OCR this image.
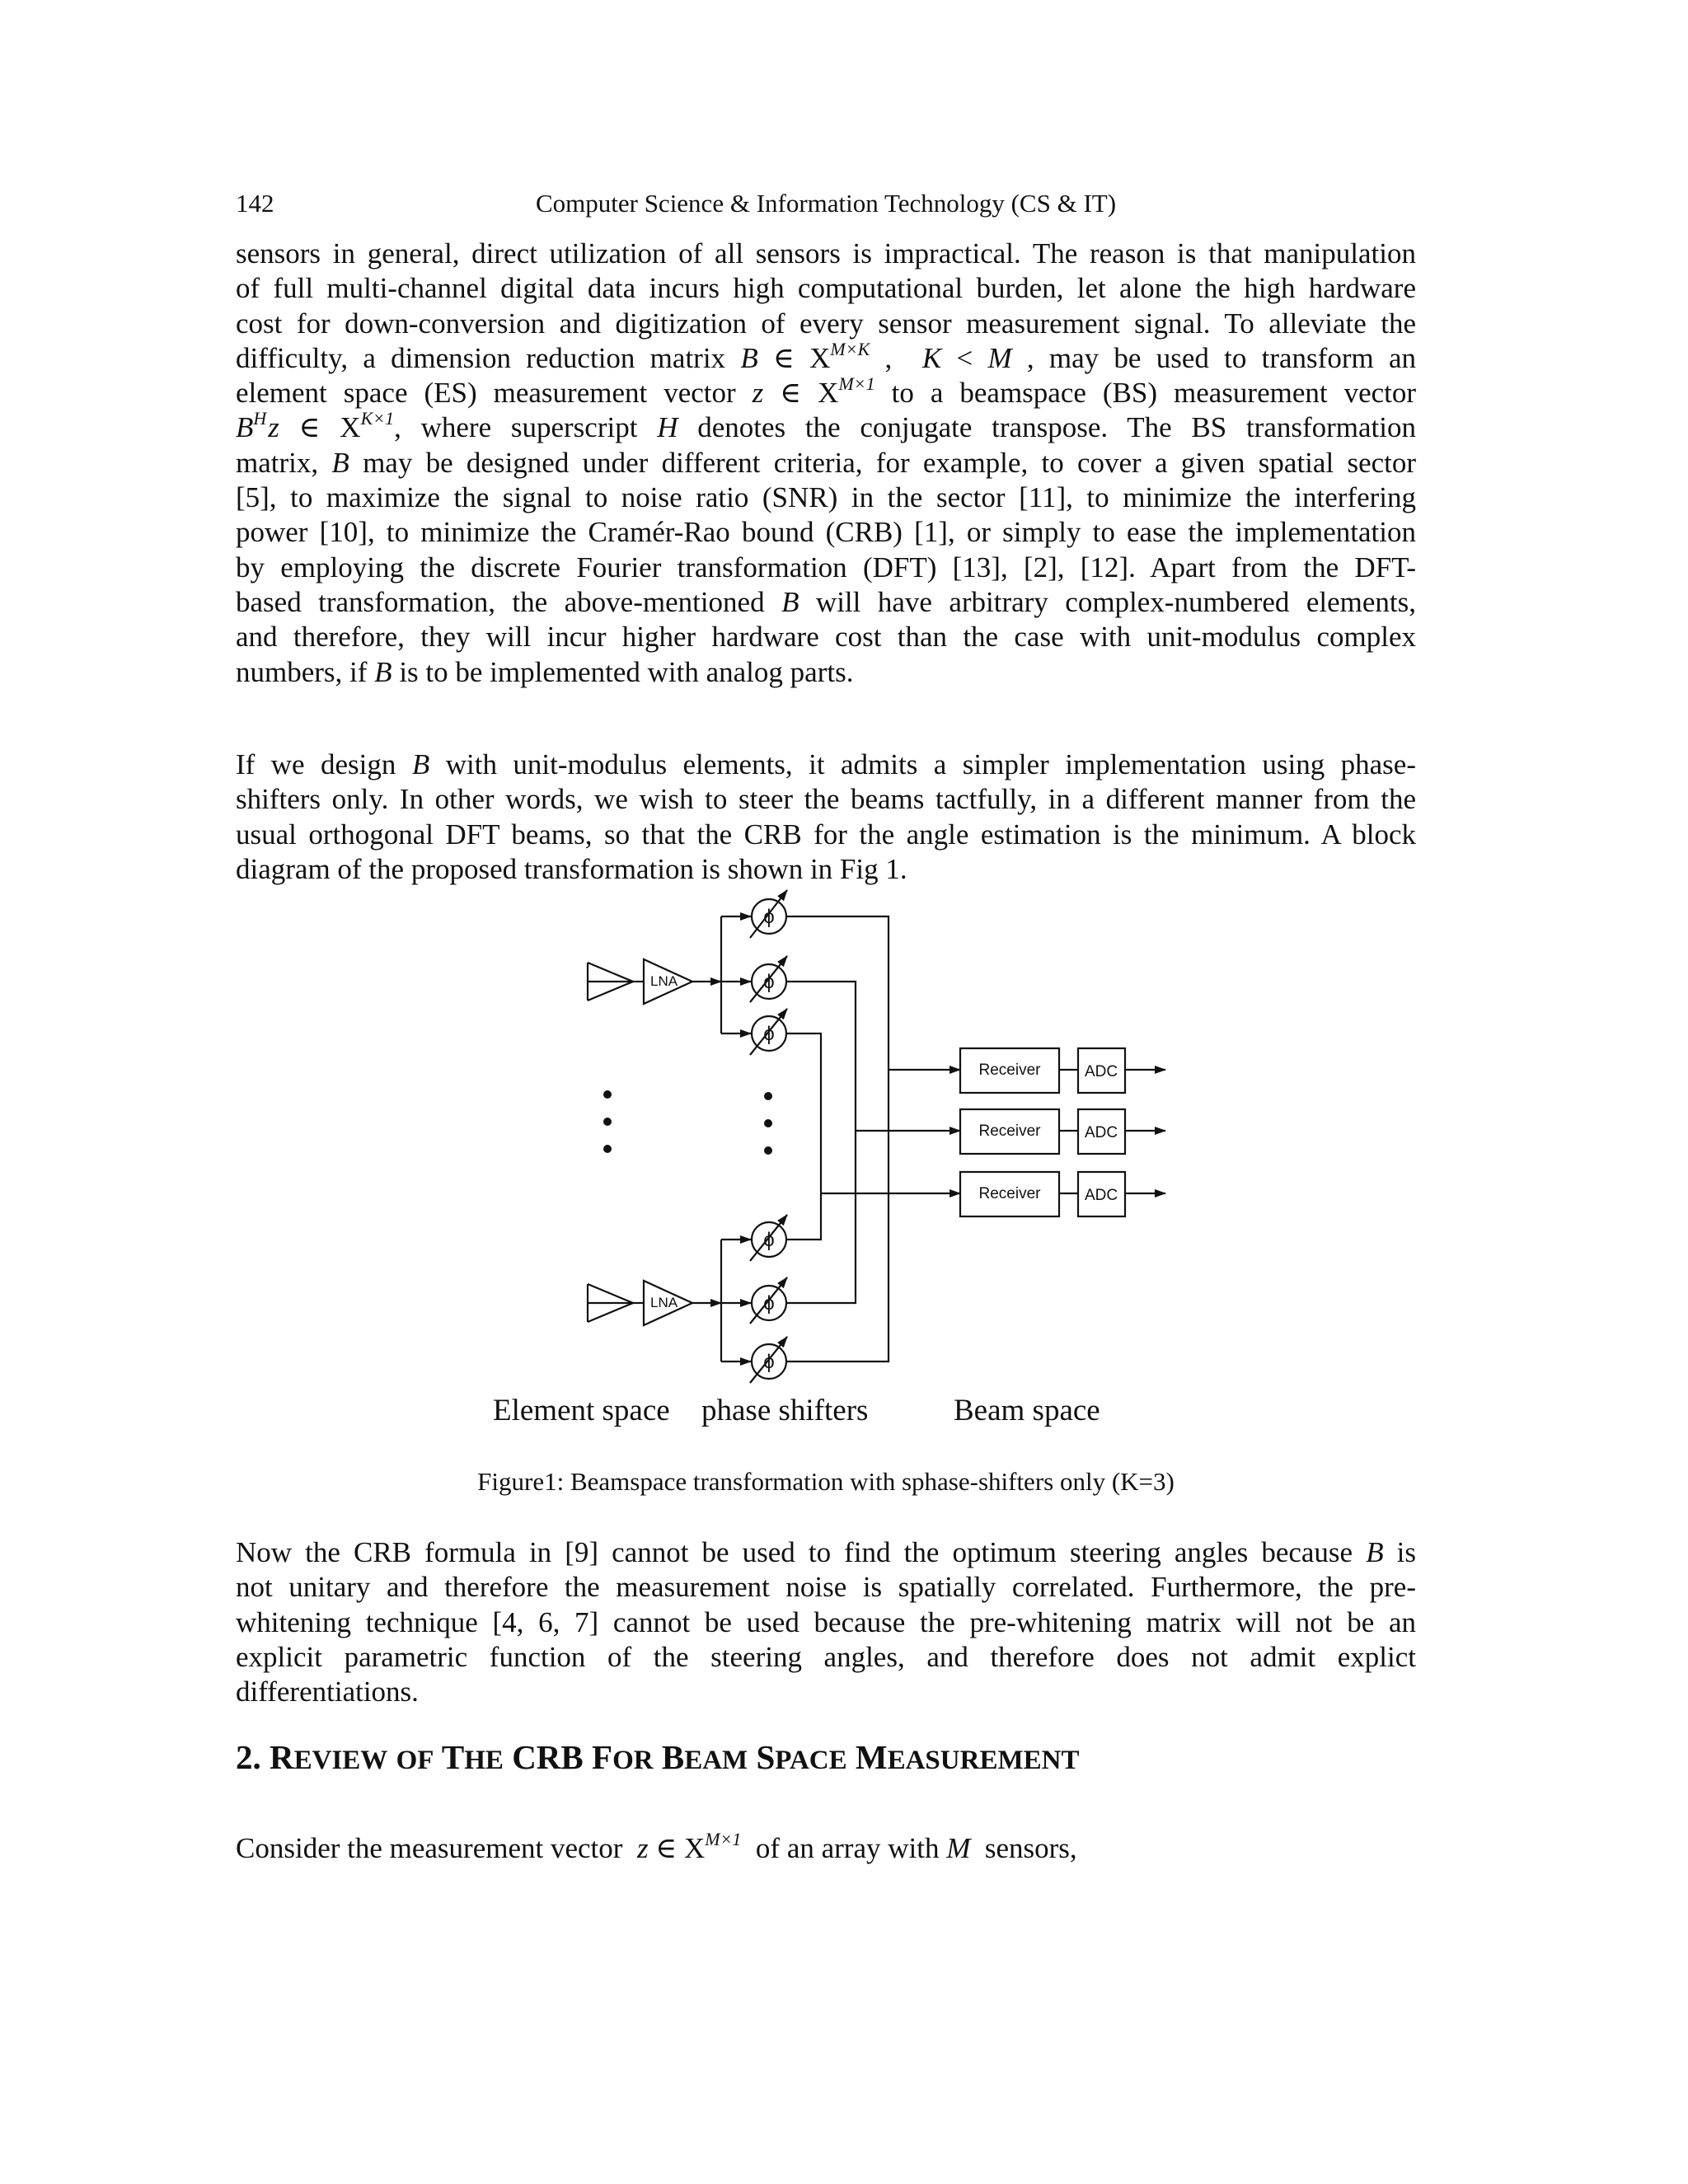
142	Computer Science & Information Technology (CS & IT)
sensors in general, direct utilization of all sensors is impractical. The reason is that manipulation of full multi-channel digital data incurs high computational burden, let alone the high hardware cost for down-conversion and digitization of every sensor measurement signal. To alleviate the difficulty, a dimension reduction matrix B ∈ $X^{M\times K}$ , K < M , may be used to transform an element space (ES) measurement vector z ∈ $X^{M\times 1}$ to a beamspace (BS) measurement vector $B^Hz$ ∈ $X^{K\times 1}$, where superscript H denotes the conjugate transpose. The BS transformation matrix, B may be designed under different criteria, for example, to cover a given spatial sector [5], to maximize the signal to noise ratio (SNR) in the sector [11], to minimize the interfering power [10], to minimize the Cramér-Rao bound (CRB) [1], or simply to ease the implementation by employing the discrete Fourier transformation (DFT) [13], [2], [12]. Apart from the DFT- based transformation, the above-mentioned B will have arbitrary complex-numbered elements, and therefore, they will incur higher hardware cost than the case with unit-modulus complex numbers, if B is to be implemented with analog parts.
If we design B with unit-modulus elements, it admits a simpler implementation using phase- shifters only. In other words, we wish to steer the beams tactfully, in a different manner from the usual orthogonal DFT beams, so that the CRB for the angle estimation is the minimum. A block diagram of the proposed transformation is shown in Fig 1.
LNA
LNA
ϕ
ϕ
ϕ
ϕ
ϕ
ϕ
Receiver
Receiver
Receiver
ADC
ADC
ADC
Element space phase shifters	Beam space
Figure1: Beamspace transformation with sphase-shifters only (K=3)
Now the CRB formula in [9] cannot be used to find the optimum steering angles because B is not unitary and therefore the measurement noise is spatially correlated. Furthermore, the pre- whitening technique [4, 6, 7] cannot be used because the pre-whitening matrix will not be an explicit parametric function of the steering angles, and therefore does not admit explict differentiations.
2. REVIEW OF THE CRB FOR BEAM SPACE MEASUREMENT
Consider the measurement vector z ∈ $X^{M\times 1}$ of an array with M sensors,
